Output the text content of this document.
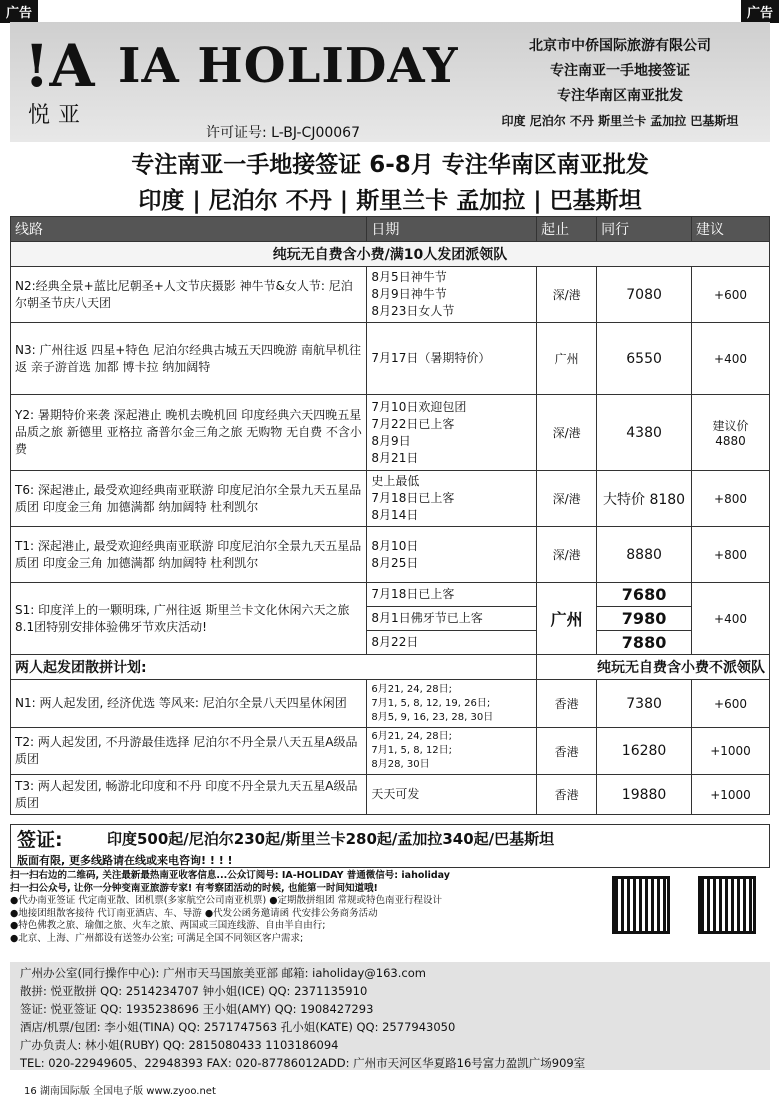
广告	广告
!A
悦亚
IA HOLIDAY
许可证号: L-BJ-CJ00067
北京市中侨国际旅游有限公司
专注南亚一手地接签证
专注华南区南亚批发
印度 尼泊尔 不丹 斯里兰卡 孟加拉 巴基斯坦
专注南亚一手地接签证 6-8月 专注华南区南亚批发
印度 | 尼泊尔 不丹 | 斯里兰卡 孟加拉 | 巴基斯坦
线路	日期	起止	同行	建议
纯玩无自费含小费/满10人发团派领队				
N2:经典全景+蓝比尼朝圣+人文节庆摄影 神牛节&女人节: 尼泊尔朝圣节庆八天团	8月5日神牛节
8月9日神牛节
8月23日女人节	深/港	7080	+600
N3: 广州往返 四星+特色 尼泊尔经典古城五天四晚游 南航早机往返 亲子游首选 加都 博卡拉 纳加阔特	7月17日（暑期特价）	广州	6550	+400
Y2: 暑期特价来袭 深起港止 晚机去晚机回 印度经典六天四晚五星品质之旅 新德里 亚格拉 斋普尔金三角之旅 无购物 无自费 不含小费	7月10日欢迎包团
7月22日已上客
8月9日
8月21日	深/港	4380	建议价 4880
T6: 深起港止, 最受欢迎经典南亚联游 印度尼泊尔全景九天五星品质团 印度金三角 加德满都 纳加阔特 杜利凯尔	史上最低
7月18日已上客
8月14日	深/港	大特价 8180	+800
T1: 深起港止, 最受欢迎经典南亚联游 印度尼泊尔全景九天五星品质团 印度金三角 加德满都 纳加阔特 杜利凯尔	8月10日
8月25日	深/港	8880	+800
S1: 印度洋上的一颗明珠, 广州往返 斯里兰卡文化休闲六天之旅 8.1团特别安排体验佛牙节欢庆活动!	7月18日已上客	广州	7680	+400
	8月1日佛牙节已上客		7980	
	8月22日		7880	
两人起发团散拼计划:		纯玩无自费含小费不派领队		
N1: 两人起发团, 经济优选 等风来: 尼泊尔全景八天四星休闲团	6月21, 24, 28日;
7月1, 5, 8, 12, 19, 26日;
8月5, 9, 16, 23, 28, 30日	香港	7380	+600
T2: 两人起发团, 不丹游最佳选择 尼泊尔不丹全景八天五星A级品质团	6月21, 24, 28日;
7月1, 5, 8, 12日;
8月28, 30日	香港	16280	+1000
T3: 两人起发团, 畅游北印度和不丹 印度不丹全景九天五星A级品质团	天天可发	香港	19880	+1000
签证:	印度500起/尼泊尔230起/斯里兰卡280起/孟加拉340起/巴基斯坦
版面有限, 更多线路请在线或来电咨询! ! ! !
扫一扫右边的二维码, 关注最新最热南亚收客信息...公众订阅号: IA-HOLIDAY 普通微信号: iaholiday
扫一扫公众号, 让你一分钟变南亚旅游专家! 有考察团活动的时候, 也能第一时间知道哦!
●代办南亚签证 代定南亚散、团机票(多家航空公司南亚机票) ●定期散拼组团 常规或特色南亚行程设计
●地接团组散客接待 代订南亚酒店、车、导游 ●代发公函务邀请函 代安排公务商务活动
●特色佛教之旅、瑜伽之旅、火车之旅、两国或三国连线游、自由半自由行;
●北京、上海、广州都设有送签办公室; 可满足全国不同领区客户需求;
广州办公室(同行操作中心): 广州市天马国旅美亚部 邮箱: iaholiday@163.com
散拼: 悦亚散拼 QQ: 2514234707 钟小姐(ICE) QQ: 2371135910
签证: 悦亚签证 QQ: 1935238696 王小姐(AMY) QQ: 1908427293
酒店/机票/包团: 李小姐(TINA) QQ: 2571747563 孔小姐(KATE) QQ: 2577943050
广办负责人: 林小姐(RUBY) QQ: 2815080433 1103186094
TEL: 020-22949605、22948393 FAX: 020-87786012ADD: 广州市天河区华夏路16号富力盈凯广场909室
16 湖南国际版 全国电子版 www.zyoo.net
